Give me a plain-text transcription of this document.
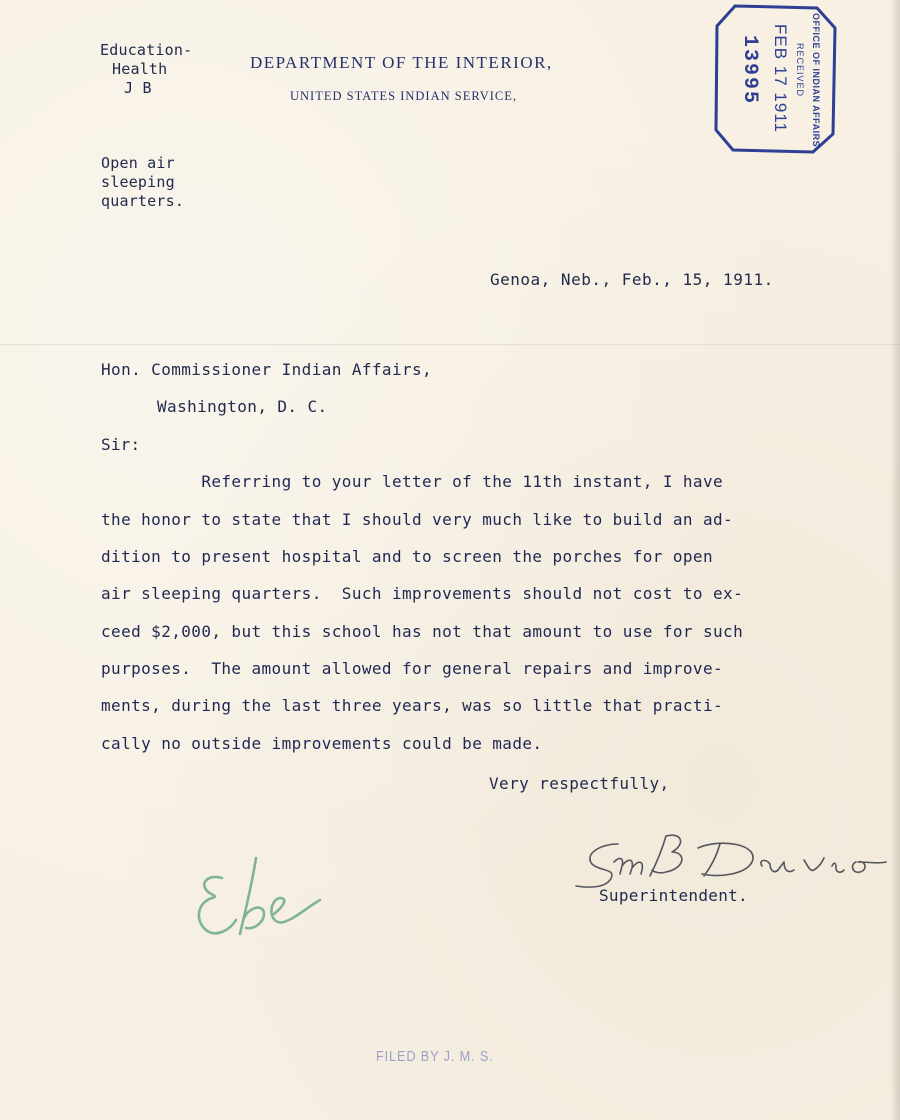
Education-
Health
J B
DEPARTMENT OF THE INTERIOR,
UNITED STATES INDIAN SERVICE,	13995 FEB 17 1911 RECEIVED OFFICE OF INDIAN AFFAIRS
Open air
sleeping
quarters.
Genoa, Neb., Feb., 15, 1911.
Hon. Commissioner Indian Affairs,
Washington, D. C.
Sir:
Referring to your letter of the 11th instant, I have
the honor to state that I should very much like to build an ad-
dition to present hospital and to screen the porches for open
air sleeping quarters.  Such improvements should not cost to ex-
ceed $2,000, but this school has not that amount to use for such
purposes.  The amount allowed for general repairs and improve-
ments, during the last three years, was so little that practi-
cally no outside improvements could be made.
Very respectfully,
Superintendent.
FILED BY J. M. S.
